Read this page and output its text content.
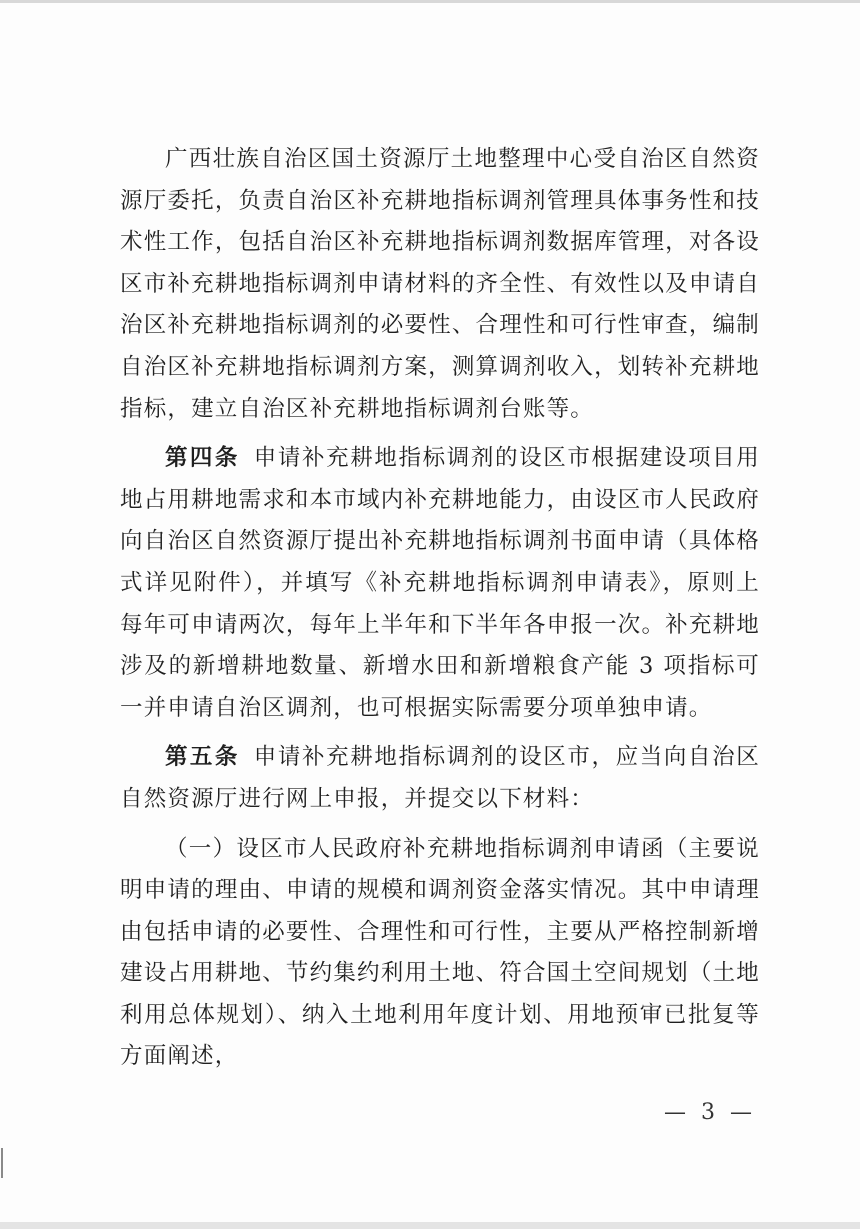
广西壮族自治区国土资源厅土地整理中心受自治区自然资源厅委托，负责自治区补充耕地指标调剂管理具体事务性和技术性工作，包括自治区补充耕地指标调剂数据库管理，对各设区市补充耕地指标调剂申请材料的齐全性、有效性以及申请自治区补充耕地指标调剂的必要性、合理性和可行性审查，编制自治区补充耕地指标调剂方案，测算调剂收入，划转补充耕地指标，建立自治区补充耕地指标调剂台账等。

第四条 申请补充耕地指标调剂的设区市根据建设项目用地占用耕地需求和本市域内补充耕地能力，由设区市人民政府向自治区自然资源厅提出补充耕地指标调剂书面申请（具体格式详见附件），并填写《补充耕地指标调剂申请表》，原则上每年可申请两次，每年上半年和下半年各申报一次。补充耕地涉及的新增耕地数量、新增水田和新增粮食产能 3 项指标可一并申请自治区调剂，也可根据实际需要分项单独申请。

第五条 申请补充耕地指标调剂的设区市，应当向自治区自然资源厅进行网上申报，并提交以下材料：

（一）设区市人民政府补充耕地指标调剂申请函（主要说明申请的理由、申请的规模和调剂资金落实情况。其中申请理由包括申请的必要性、合理性和可行性，主要从严格控制新增建设占用耕地、节约集约利用土地、符合国土空间规划（土地利用总体规划）、纳入土地利用年度计划、用地预审已批复等方面阐述，

— 3 —
